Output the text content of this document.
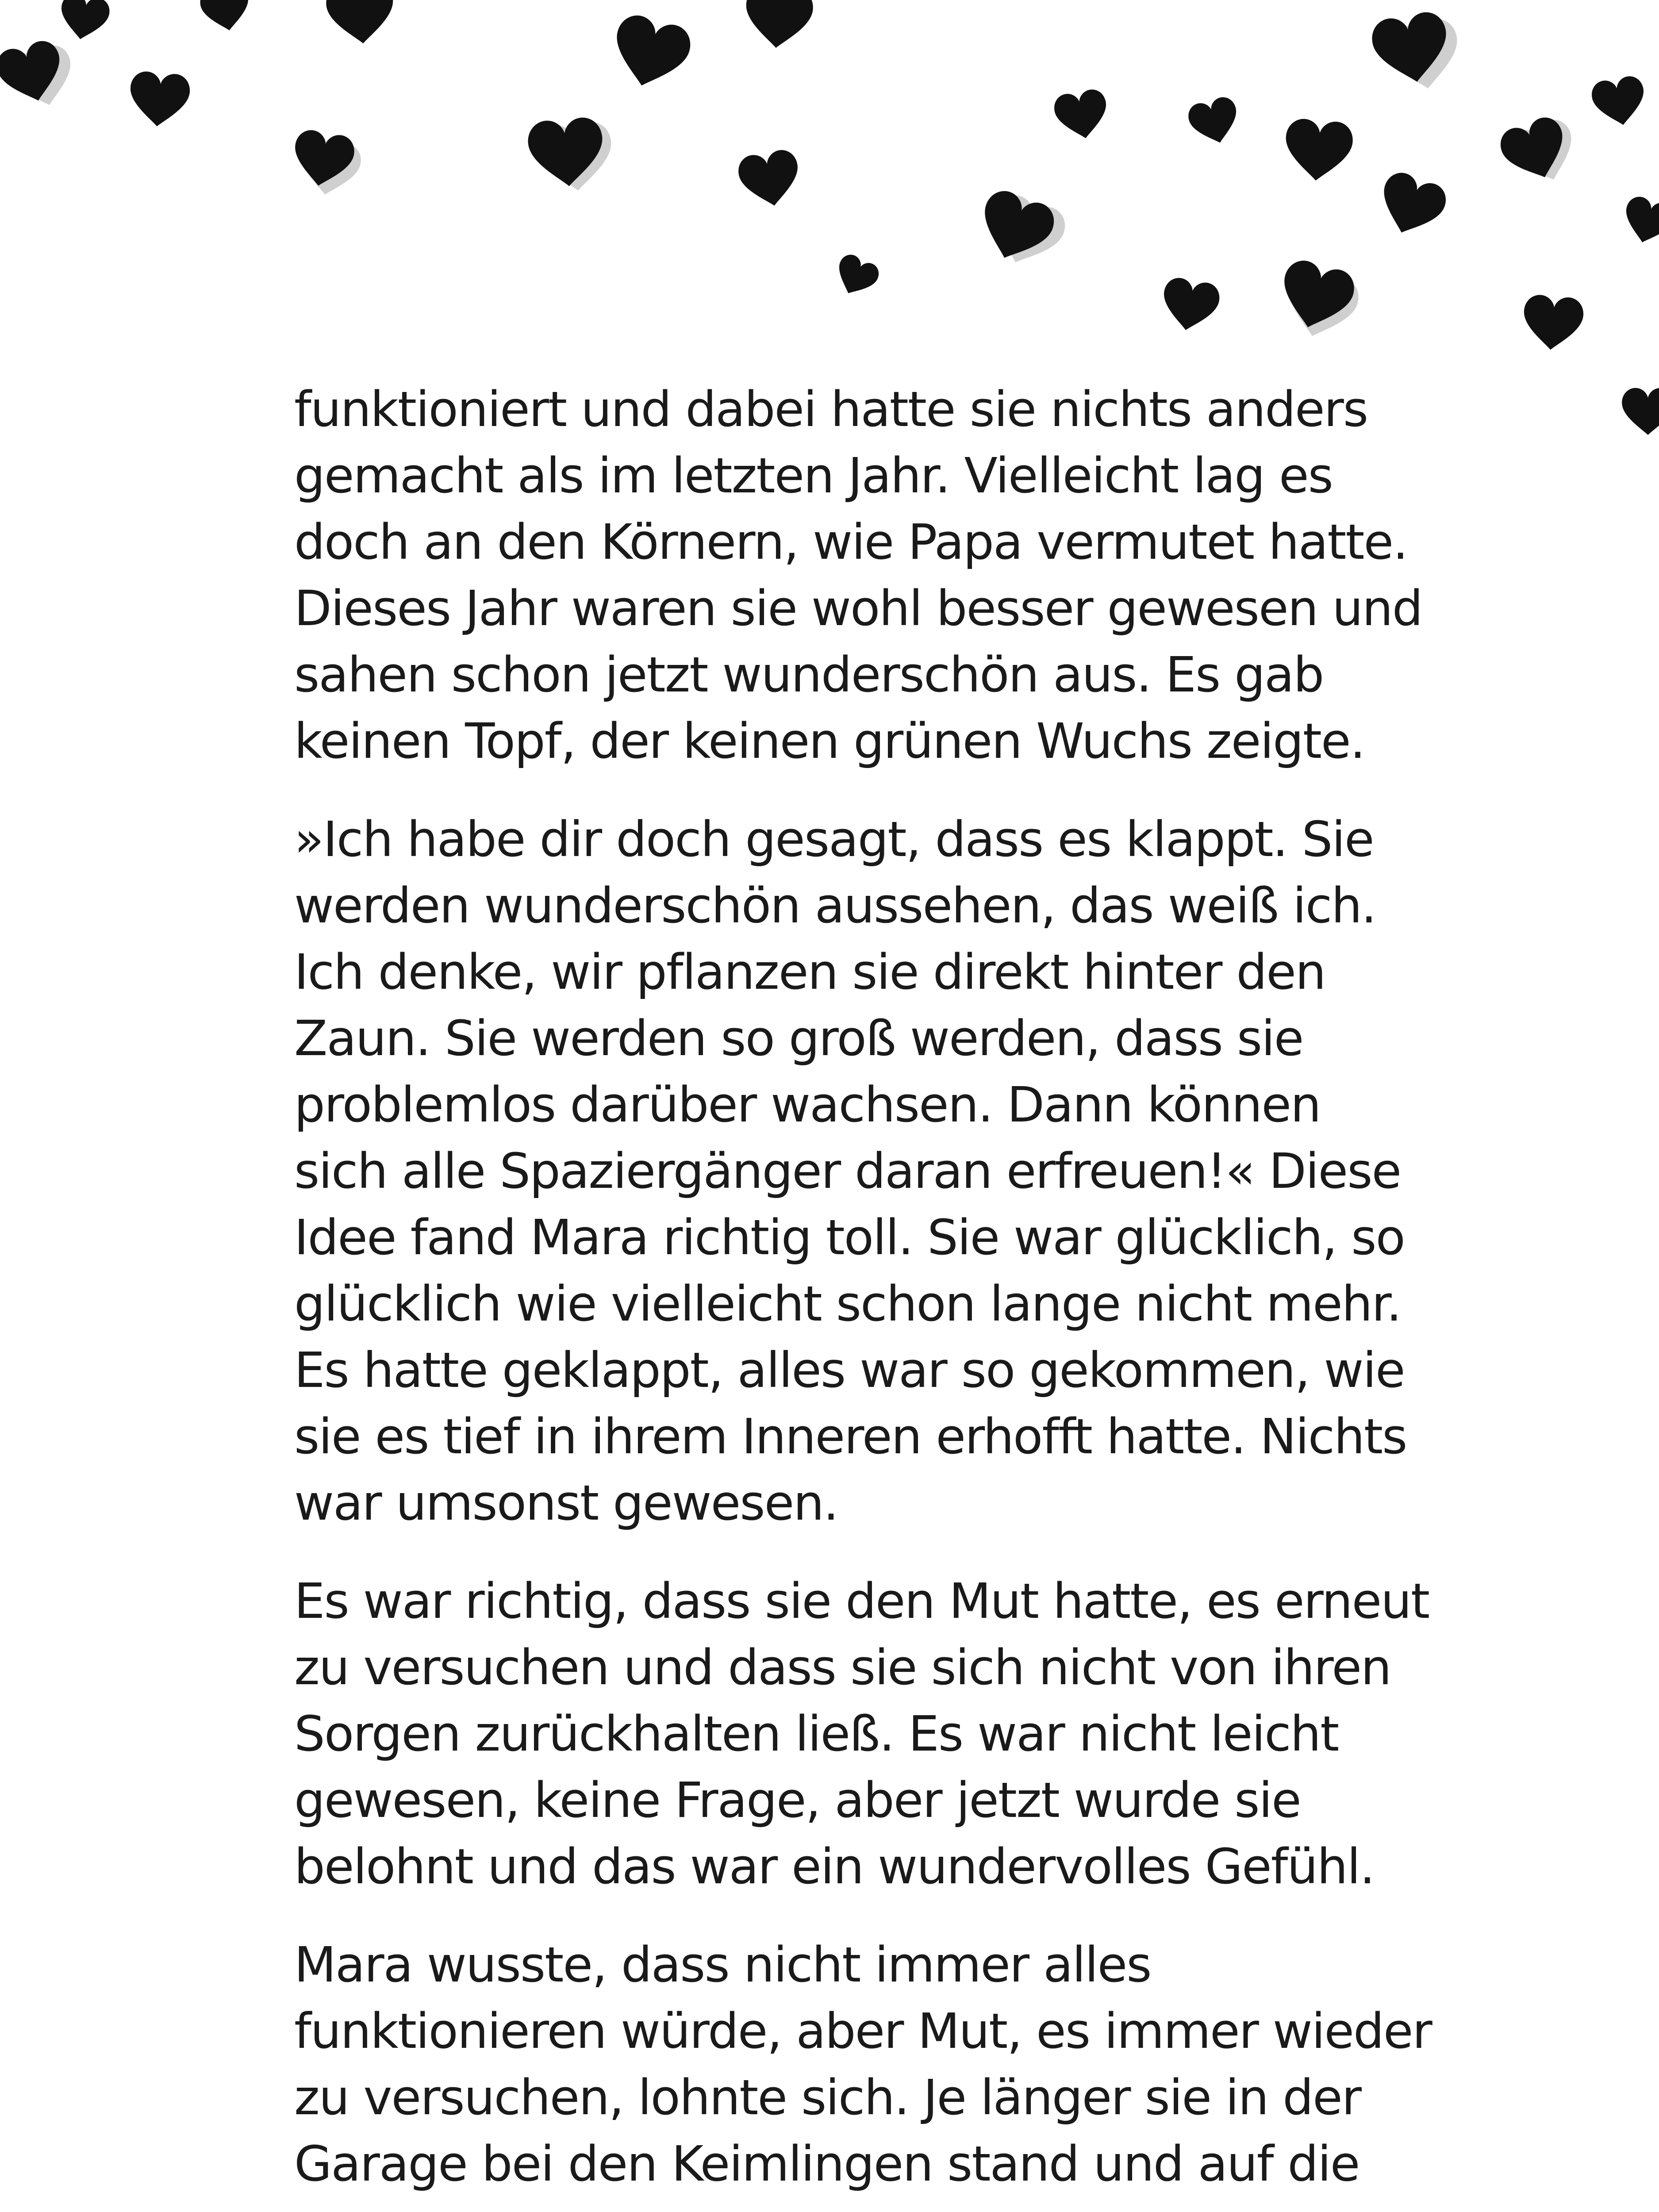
funktioniert und dabei hatte sie nichts anders
gemacht als im letzten Jahr. Vielleicht lag es
doch an den Körnern, wie Papa vermutet hatte.
Dieses Jahr waren sie wohl besser gewesen und
sahen schon jetzt wunderschön aus. Es gab
keinen Topf, der keinen grünen Wuchs zeigte.

»Ich habe dir doch gesagt, dass es klappt. Sie
werden wunderschön aussehen, das weiß ich.
Ich denke, wir pflanzen sie direkt hinter den
Zaun. Sie werden so groß werden, dass sie
problemlos darüber wachsen. Dann können
sich alle Spaziergänger daran erfreuen!« Diese
Idee fand Mara richtig toll. Sie war glücklich, so
glücklich wie vielleicht schon lange nicht mehr.
Es hatte geklappt, alles war so gekommen, wie
sie es tief in ihrem Inneren erhofft hatte. Nichts
war umsonst gewesen.

Es war richtig, dass sie den Mut hatte, es erneut
zu versuchen und dass sie sich nicht von ihren
Sorgen zurückhalten ließ. Es war nicht leicht
gewesen, keine Frage, aber jetzt wurde sie
belohnt und das war ein wundervolles Gefühl.

Mara wusste, dass nicht immer alles
funktionieren würde, aber Mut, es immer wieder
zu versuchen, lohnte sich. Je länger sie in der
Garage bei den Keimlingen stand und auf die
